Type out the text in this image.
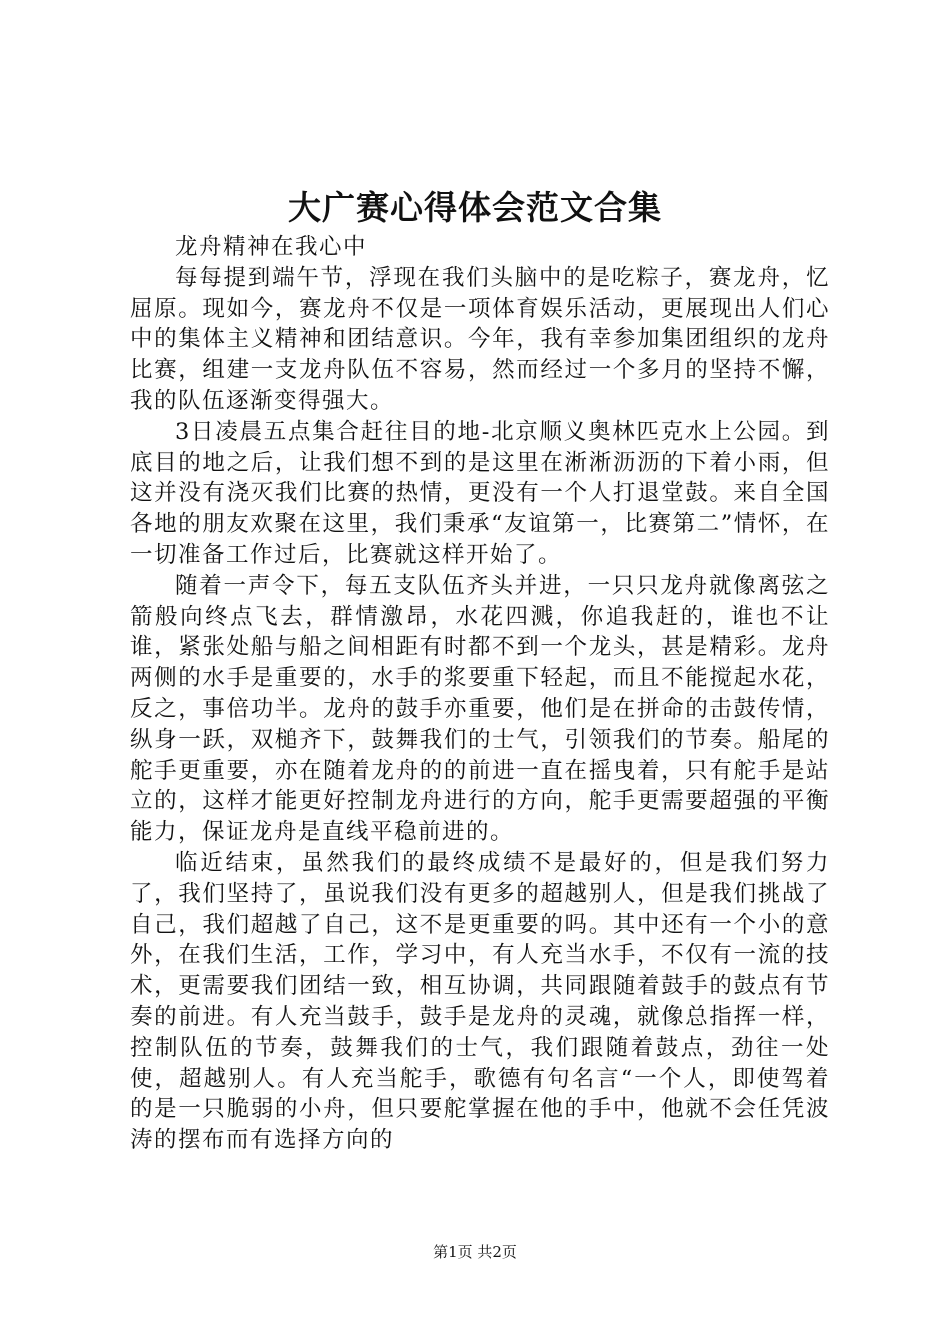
大广赛心得体会范文合集

龙舟精神在我心中

每每提到端午节，浮现在我们头脑中的是吃粽子，赛龙舟，忆屈原。现如今，赛龙舟不仅是一项体育娱乐活动，更展现出人们心中的集体主义精神和团结意识。今年，我有幸参加集团组织的龙舟比赛，组建一支龙舟队伍不容易，然而经过一个多月的坚持不懈，我的队伍逐渐变得强大。

3日凌晨五点集合赶往目的地-北京顺义奥林匹克水上公园。到底目的地之后，让我们想不到的是这里在淅淅沥沥的下着小雨，但这并没有浇灭我们比赛的热情，更没有一个人打退堂鼓。来自全国各地的朋友欢聚在这里，我们秉承“友谊第一，比赛第二”情怀，在一切准备工作过后，比赛就这样开始了。

随着一声令下，每五支队伍齐头并进，一只只龙舟就像离弦之箭般向终点飞去，群情激昂，水花四溅，你追我赶的，谁也不让谁，紧张处船与船之间相距有时都不到一个龙头，甚是精彩。龙舟两侧的水手是重要的，水手的浆要重下轻起，而且不能搅起水花，反之，事倍功半。龙舟的鼓手亦重要，他们是在拼命的击鼓传情，纵身一跃，双槌齐下，鼓舞我们的士气，引领我们的节奏。船尾的舵手更重要，亦在随着龙舟的的前进一直在摇曳着，只有舵手是站立的，这样才能更好控制龙舟进行的方向，舵手更需要超强的平衡能力，保证龙舟是直线平稳前进的。

临近结束，虽然我们的最终成绩不是最好的，但是我们努力了，我们坚持了，虽说我们没有更多的超越别人，但是我们挑战了自己，我们超越了自己，这不是更重要的吗。其中还有一个小的意外，在我们生活，工作，学习中，有人充当水手，不仅有一流的技术，更需要我们团结一致，相互协调，共同跟随着鼓手的鼓点有节奏的前进。有人充当鼓手，鼓手是龙舟的灵魂，就像总指挥一样，控制队伍的节奏，鼓舞我们的士气，我们跟随着鼓点，劲往一处使，超越别人。有人充当舵手，歌德有句名言“一个人，即使驾着的是一只脆弱的小舟，但只要舵掌握在他的手中，他就不会任凭波涛的摆布而有选择方向的

第1页 共2页
